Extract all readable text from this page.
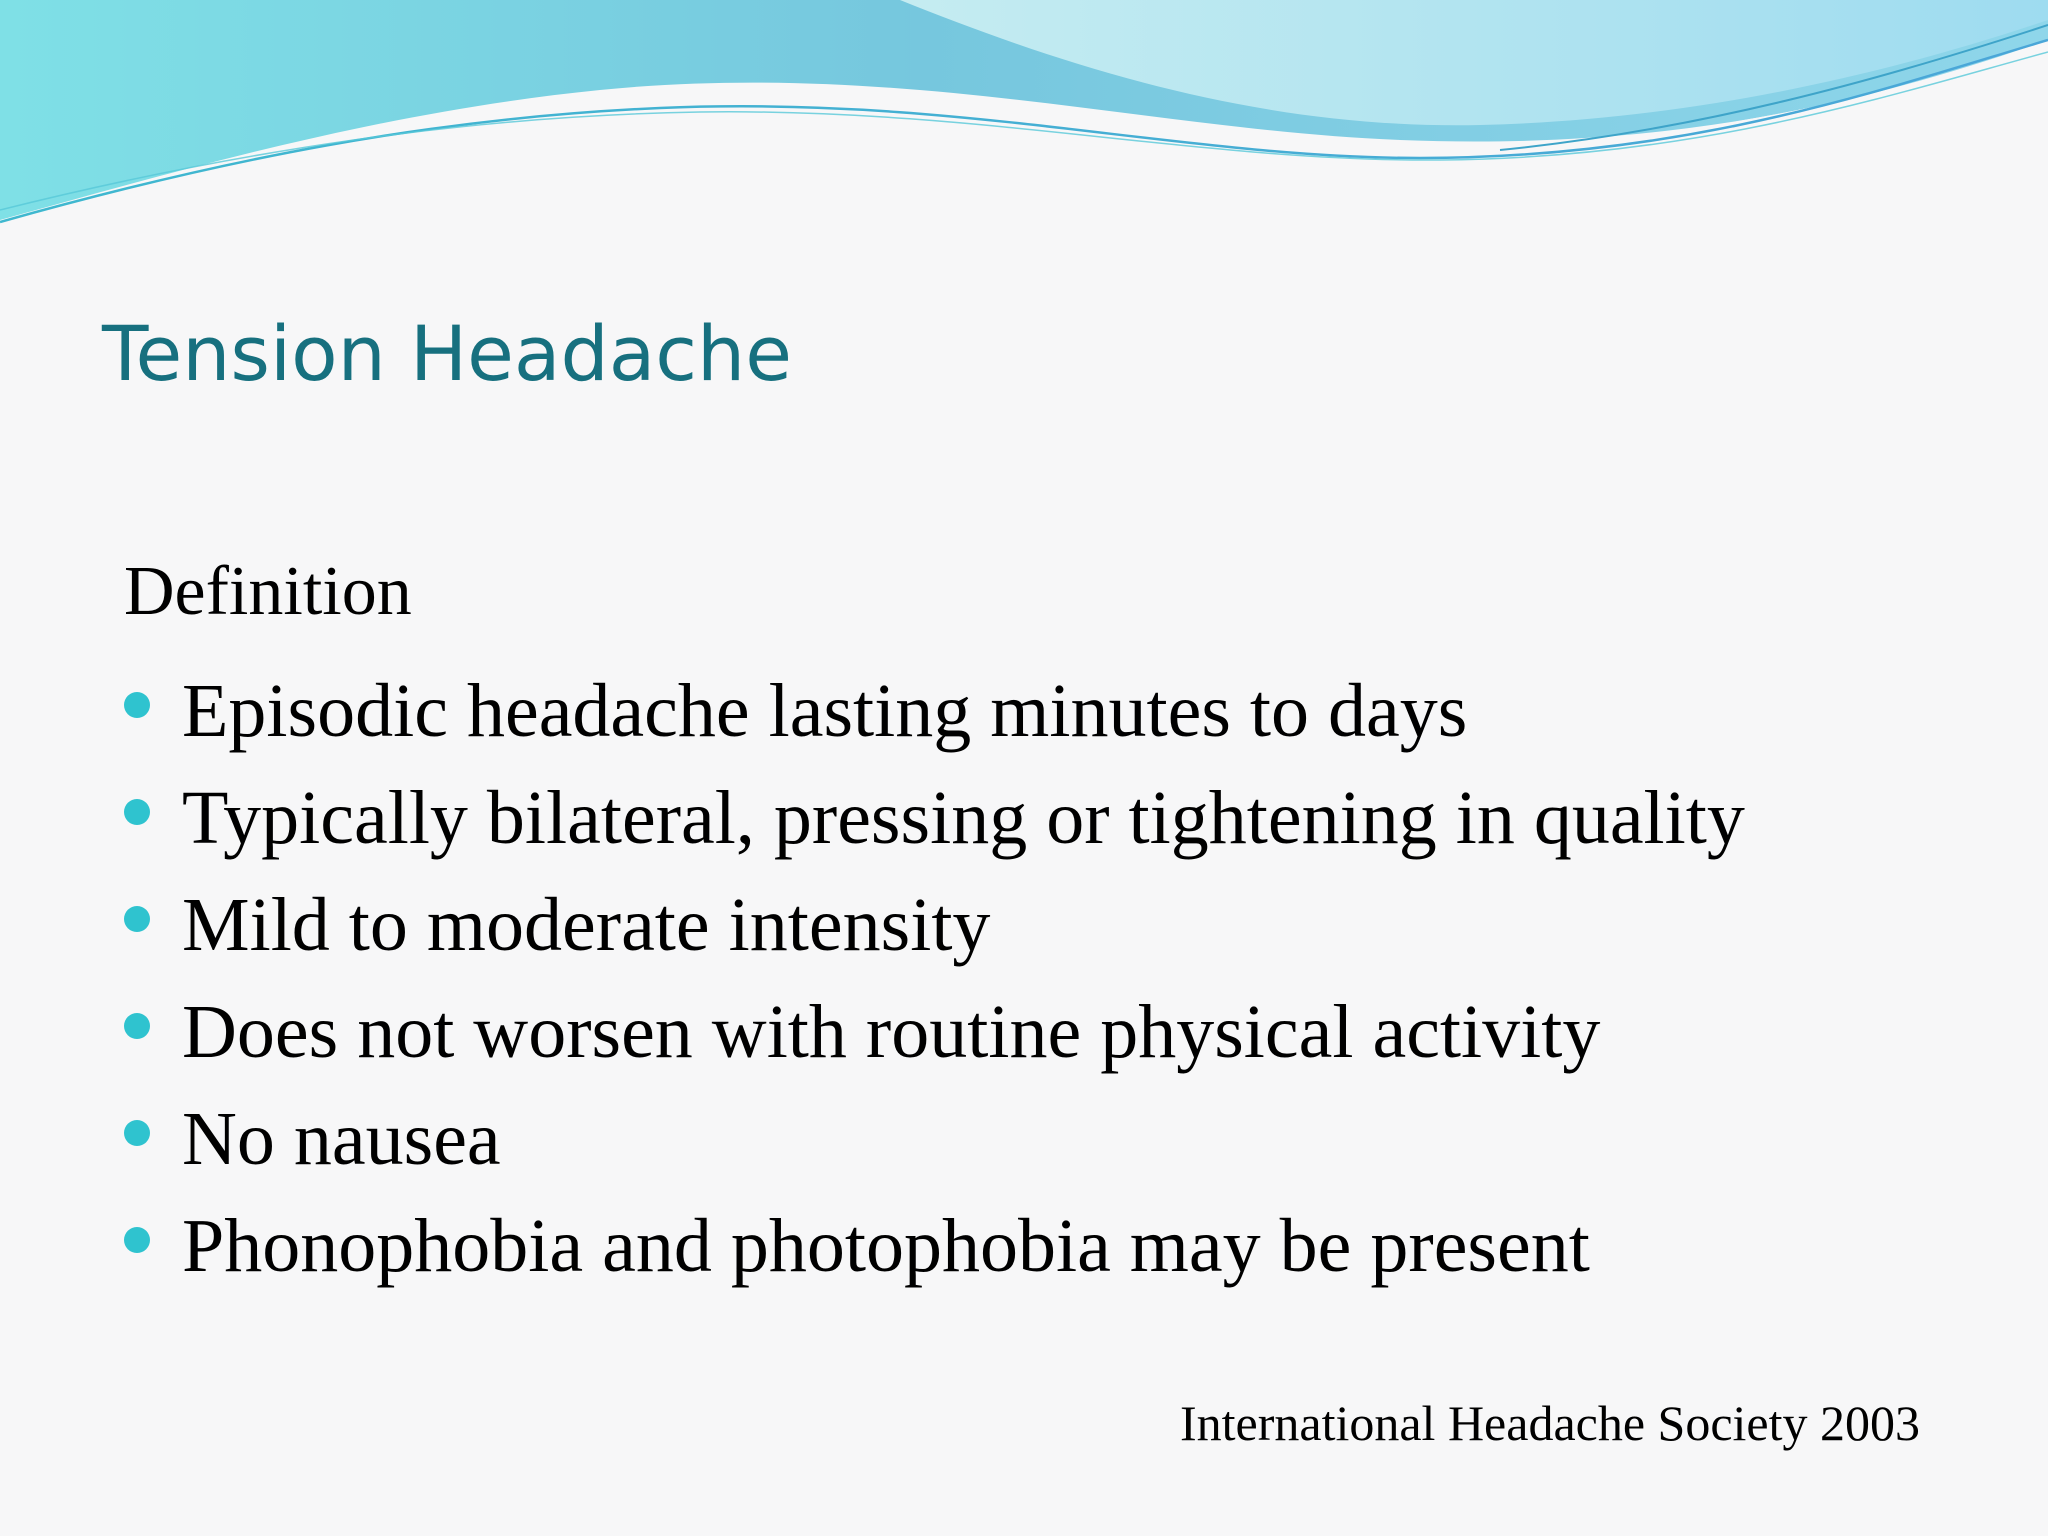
Tension Headache

Definition

Episodic headache lasting minutes to days
Typically bilateral, pressing or tightening in quality
Mild to moderate intensity
Does not worsen with routine physical activity
No nausea
Phonophobia and photophobia may be present

International Headache Society 2003
